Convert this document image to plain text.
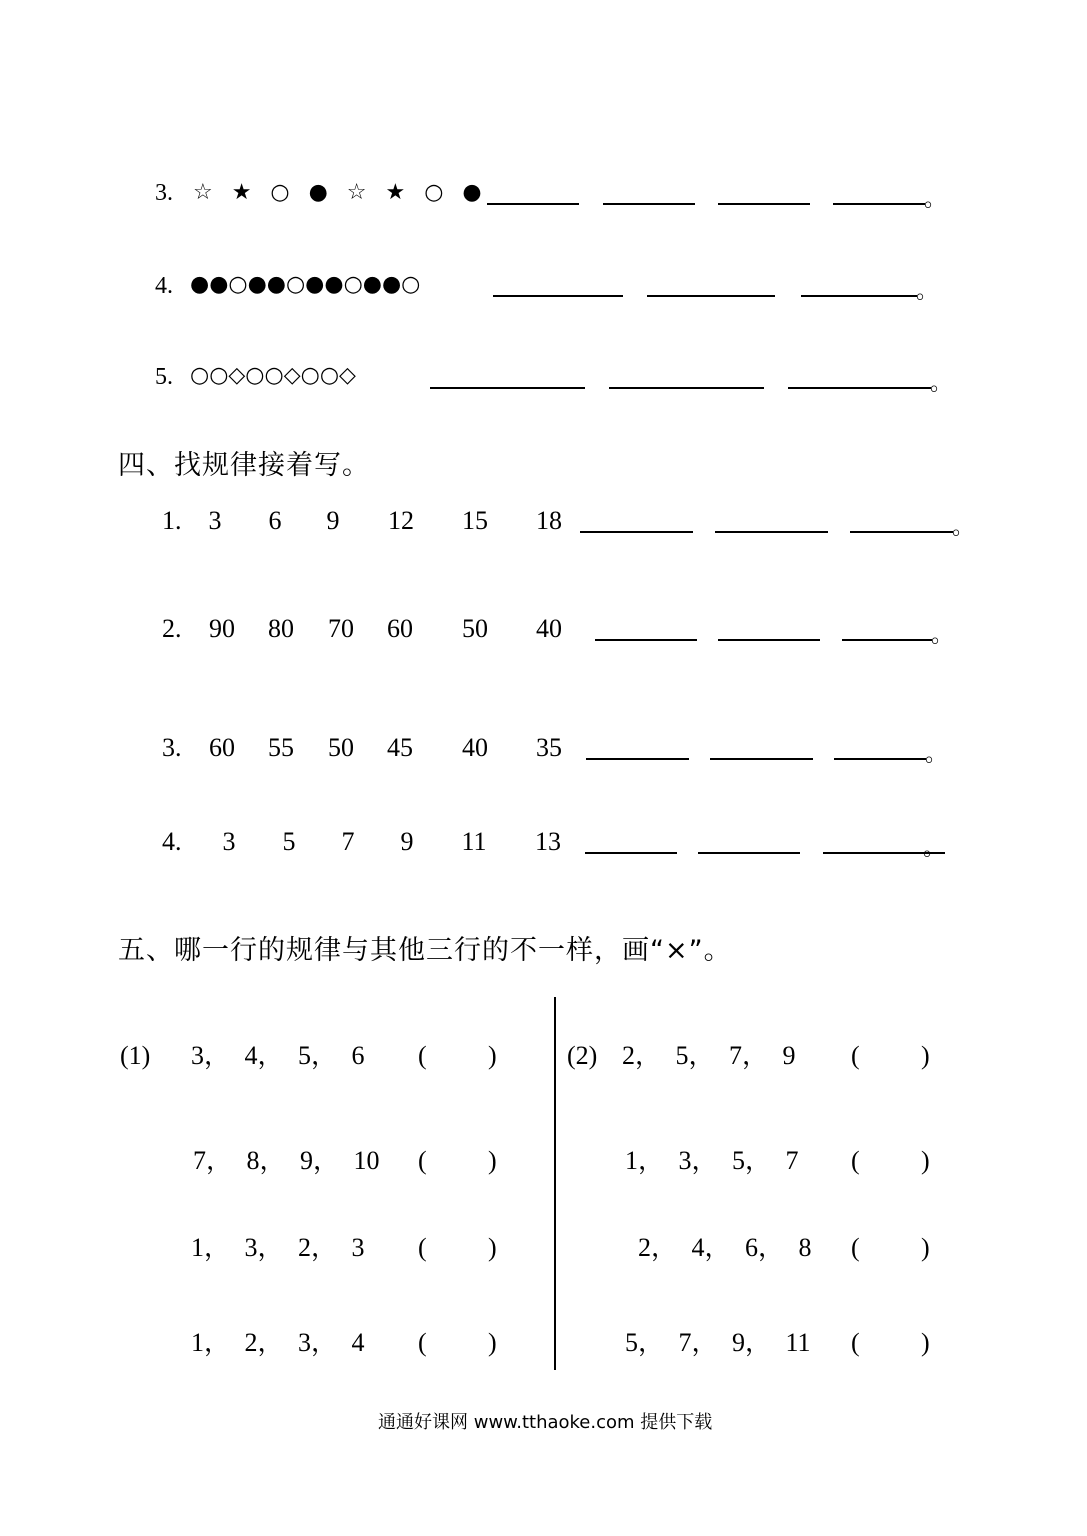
3. ☆ ★ ○ ● ☆ ★ ○ ●	。
4. ●●○●●○●●○●●○	。
5. ○○◇○○◇○○◇	。
四、找规律接着写。
1.	3	6	9	12	15	18	。
2.	90	80	70	60	50	40	。
3.	60	55	50	45	40	35	。
4.	3	5	7	9	11	13	。
五、哪一行的规律与其他三行的不一样，画“×”。
(1) 3， 4， 5， 6 ( )
7， 8， 9， 10 ( )
1， 3， 2， 3 ( )
1， 2， 3， 4 ( )
(2) 2， 5， 7， 9 ( )
1， 3， 5， 7 ( )
2， 4， 6， 8 ( )
5， 7， 9， 11 ( )
通通好课网 www.tthaoke.com 提供下载
